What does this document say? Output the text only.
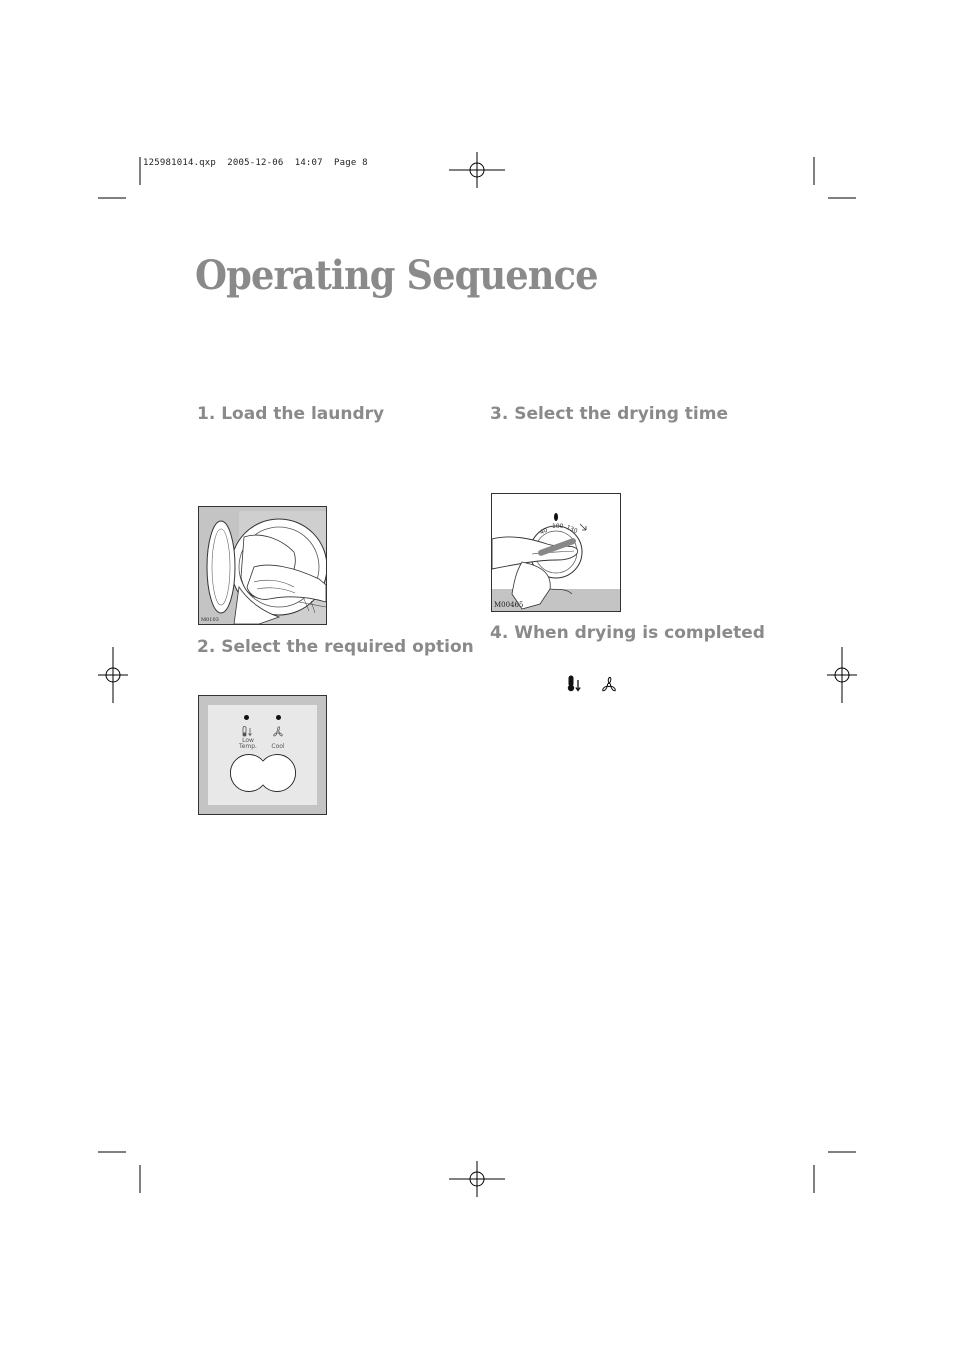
125981014.qxp  2005-12-06  14:07  Page 8
Operating Sequence
1. Load the laundry
M0103
2. Select the required option
Low
Temp.	Cool
3. Select the drying time
40
100 130
M00465
4. When drying is completed
